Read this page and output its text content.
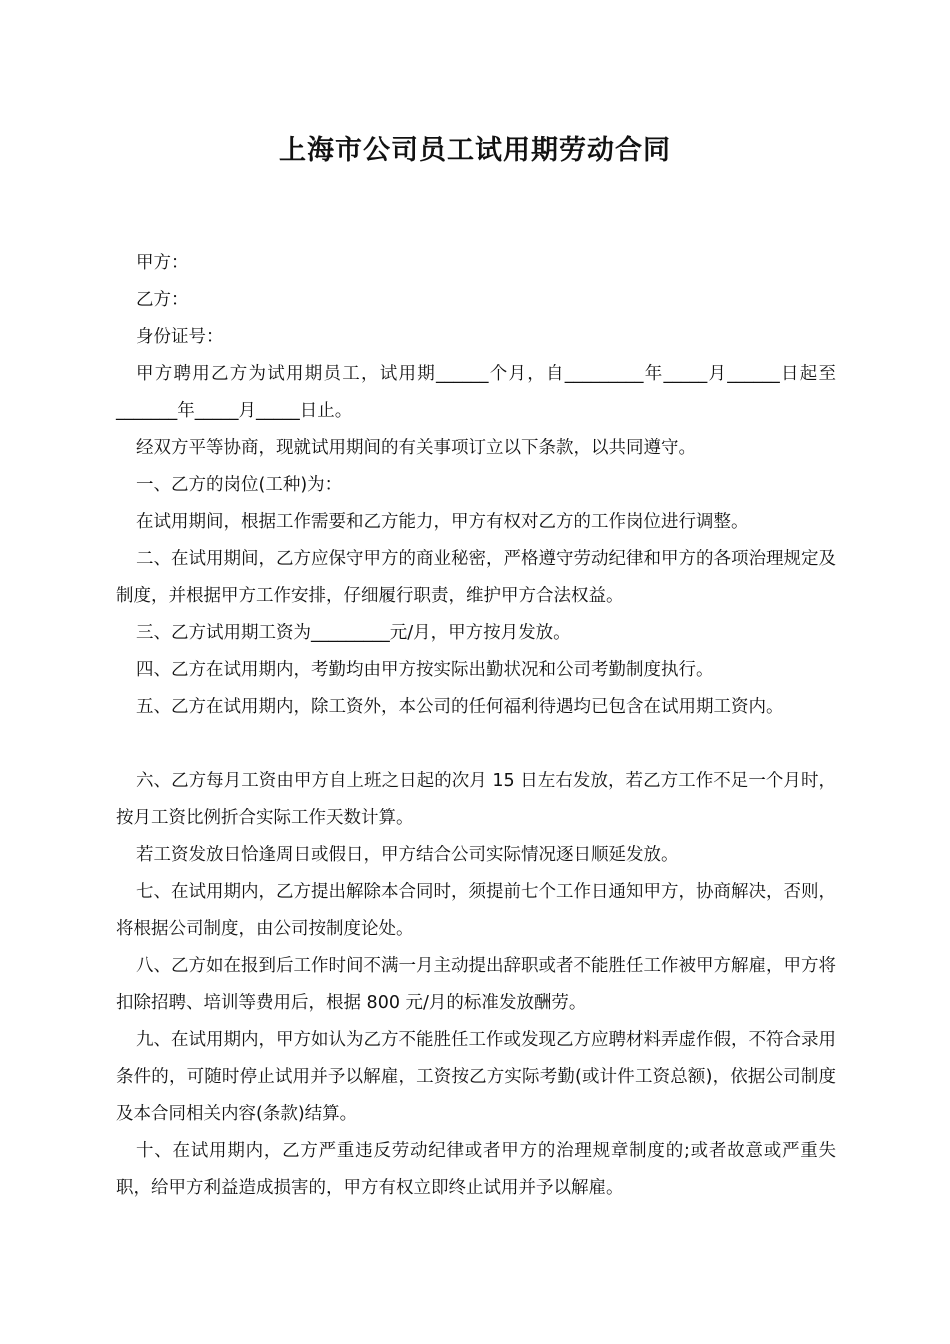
上海市公司员工试用期劳动合同

甲方：

乙方：

身份证号：

甲方聘用乙方为试用期员工，试用期______个月，自_________年_____月______日起至_______年_____月_____日止。

经双方平等协商，现就试用期间的有关事项订立以下条款，以共同遵守。

一、乙方的岗位(工种)为：

在试用期间，根据工作需要和乙方能力，甲方有权对乙方的工作岗位进行调整。

二、在试用期间，乙方应保守甲方的商业秘密，严格遵守劳动纪律和甲方的各项治理规定及制度，并根据甲方工作安排，仔细履行职责，维护甲方合法权益。

三、乙方试用期工资为_________元/月，甲方按月发放。

四、乙方在试用期内，考勤均由甲方按实际出勤状况和公司考勤制度执行。

五、乙方在试用期内，除工资外，本公司的任何福利待遇均已包含在试用期工资内。

六、乙方每月工资由甲方自上班之日起的次月 15 日左右发放，若乙方工作不足一个月时，按月工资比例折合实际工作天数计算。

若工资发放日恰逢周日或假日，甲方结合公司实际情况逐日顺延发放。

七、在试用期内，乙方提出解除本合同时，须提前七个工作日通知甲方，协商解决，否则，将根据公司制度，由公司按制度论处。

八、乙方如在报到后工作时间不满一月主动提出辞职或者不能胜任工作被甲方解雇，甲方将扣除招聘、培训等费用后，根据 800 元/月的标准发放酬劳。

九、在试用期内，甲方如认为乙方不能胜任工作或发现乙方应聘材料弄虚作假，不符合录用条件的，可随时停止试用并予以解雇，工资按乙方实际考勤(或计件工资总额)，依据公司制度及本合同相关内容(条款)结算。

十、在试用期内，乙方严重违反劳动纪律或者甲方的治理规章制度的;或者故意或严重失职，给甲方利益造成损害的，甲方有权立即终止试用并予以解雇。
